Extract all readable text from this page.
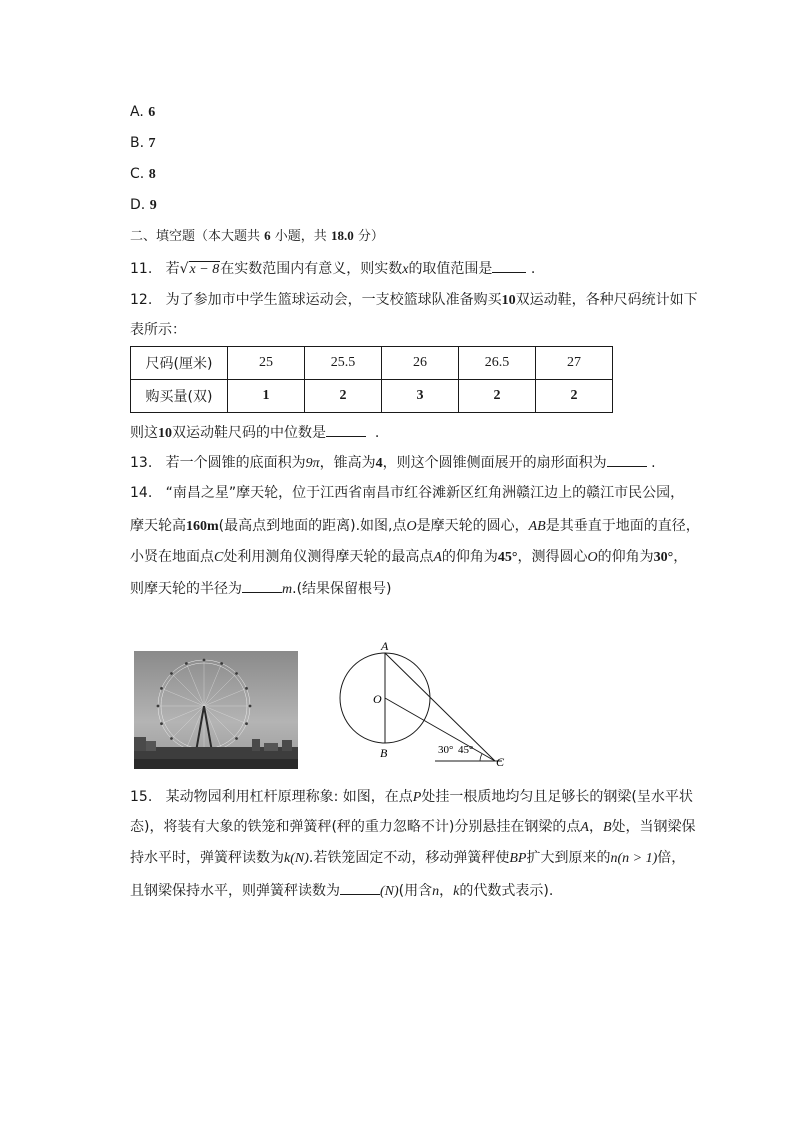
A. 6
B. 7
C. 8
D. 9
二、填空题（本大题共 6 小题，共 18.0 分）
11. 若√x − 8在实数范围内有意义，则实数x的取值范围是	.
12. 为了参加市中学生篮球运动会，一支校篮球队准备购买10双运动鞋，各种尺码统计如下
表所示：
尺码(厘米)	25	25.5	26	26.5	27
购买量(双)	1	2	3	2	2
则这10双运动鞋尺码的中位数是	.
13. 若一个圆锥的底面积为9π，锥高为4，则这个圆锥侧面展开的扇形面积为	.
14. “南昌之星”摩天轮，位于江西省南昌市红谷滩新区红角洲赣江边上的赣江市民公园，
摩天轮高160m(最高点到地面的距离).如图,点O是摩天轮的圆心，AB是其垂直于地面的直径，
小贤在地面点C处利用测角仪测得摩天轮的最高点A的仰角为45°，测得圆心O的仰角为30°，
则摩天轮的半径为	m.(结果保留根号)
A
O
B
C
30° 45°
15. 某动物园利用杠杆原理称象: 如图，在点P处挂一根质地均匀且足够长的钢梁(呈水平状
态)，将装有大象的铁笼和弹簧秤(秤的重力忽略不计)分别悬挂在钢梁的点A，B处，当钢梁保
持水平时，弹簧秤读数为k(N).若铁笼固定不动，移动弹簧秤使BP扩大到原来的n(n > 1)倍，
且钢梁保持水平，则弹簧秤读数为	(N)(用含n，k的代数式表示).
